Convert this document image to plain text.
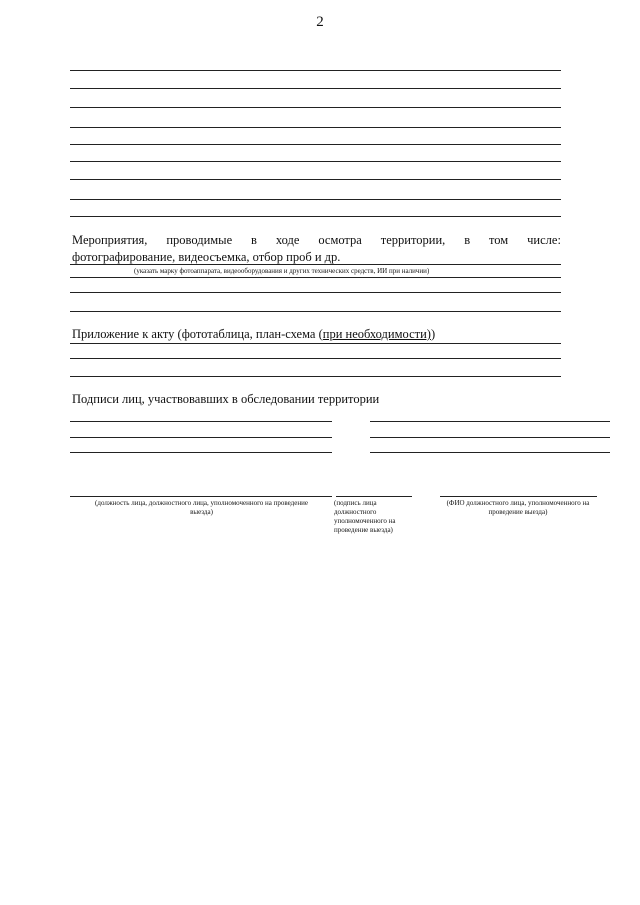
2
Мероприятия, проводимые в ходе осмотра территории, в том числе:
фотографирование, видеосъемка, отбор проб и др.
(указать марку фотоаппарата, видеооборудования и других технических средств, ИИ при наличии)
Приложение к акту (фототаблица, план-схема (при необходимости))
Подписи лиц, участвовавших в обследовании территории
(должность лица, должностного лица, уполномоченного на проведение выезда)
(подпись лица должностного уполномоченного на проведение выезда)
(ФИО должностного лица, уполномоченного на проведение выезда)
